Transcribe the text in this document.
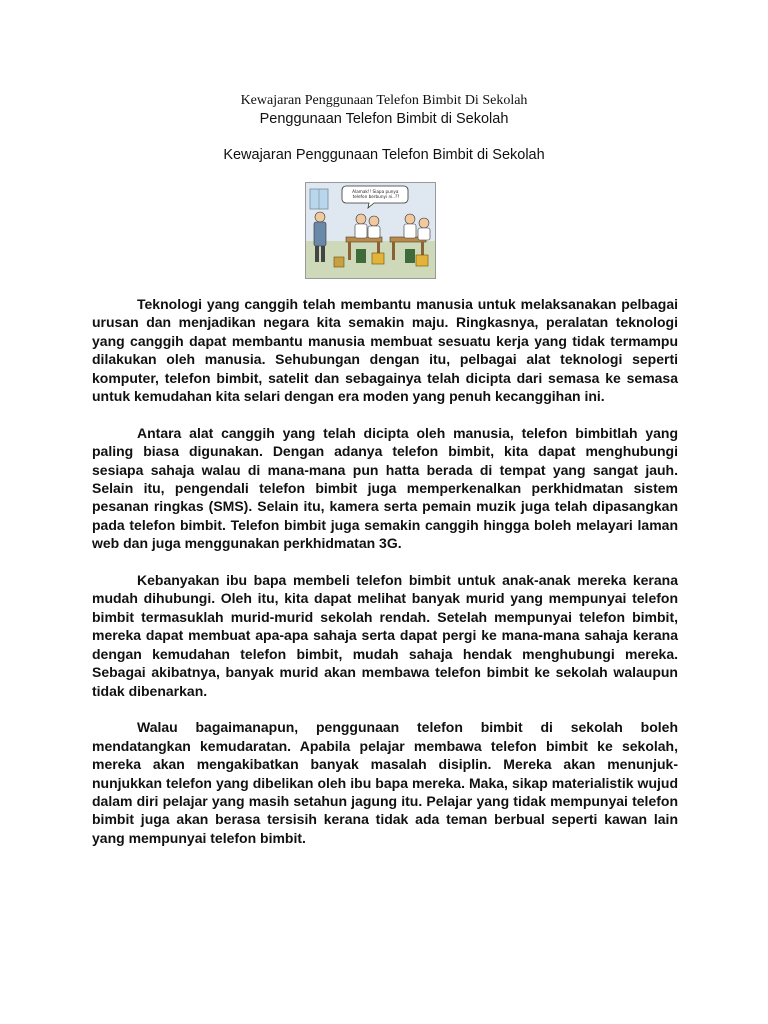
Kewajaran Penggunaan Telefon Bimbit Di Sekolah
Penggunaan Telefon Bimbit di Sekolah
Kewajaran Penggunaan Telefon Bimbit di Sekolah
Alamak!! Siapa punya telefon berbunyi ni..??

Teknologi yang canggih telah membantu manusia untuk melaksanakan pelbagai urusan dan menjadikan negara kita semakin maju. Ringkasnya, peralatan teknologi yang canggih dapat membantu manusia membuat sesuatu kerja yang tidak termampu dilakukan oleh manusia. Sehubungan dengan itu, pelbagai alat teknologi seperti komputer, telefon bimbit, satelit dan sebagainya telah dicipta dari semasa ke semasa untuk kemudahan kita selari dengan era moden yang penuh kecanggihan ini.

Antara alat canggih yang telah dicipta oleh manusia, telefon bimbitlah yang paling biasa digunakan. Dengan adanya telefon bimbit, kita dapat menghubungi sesiapa sahaja walau di mana-mana pun hatta berada di tempat yang sangat jauh. Selain itu, pengendali telefon bimbit juga memperkenalkan perkhidmatan sistem pesanan ringkas (SMS). Selain itu, kamera serta pemain muzik juga telah dipasangkan pada telefon bimbit. Telefon bimbit juga semakin canggih hingga boleh melayari laman web dan juga menggunakan perkhidmatan 3G.

Kebanyakan ibu bapa membeli telefon bimbit untuk anak-anak mereka kerana mudah dihubungi. Oleh itu, kita dapat melihat banyak murid yang mempunyai telefon bimbit termasuklah murid-murid sekolah rendah. Setelah mempunyai telefon bimbit, mereka dapat membuat apa-apa sahaja serta dapat pergi ke mana-mana sahaja kerana dengan kemudahan telefon bimbit, mudah sahaja hendak menghubungi mereka. Sebagai akibatnya, banyak murid akan membawa telefon bimbit ke sekolah walaupun tidak dibenarkan.

Walau bagaimanapun, penggunaan telefon bimbit di sekolah boleh mendatangkan kemudaratan. Apabila pelajar membawa telefon bimbit ke sekolah, mereka akan mengakibatkan banyak masalah disiplin. Mereka akan menunjuk-nunjukkan telefon yang dibelikan oleh ibu bapa mereka. Maka, sikap materialistik wujud dalam diri pelajar yang masih setahun jagung itu. Pelajar yang tidak mempunyai telefon bimbit juga akan berasa tersisih kerana tidak ada teman berbual seperti kawan lain yang mempunyai telefon bimbit.
